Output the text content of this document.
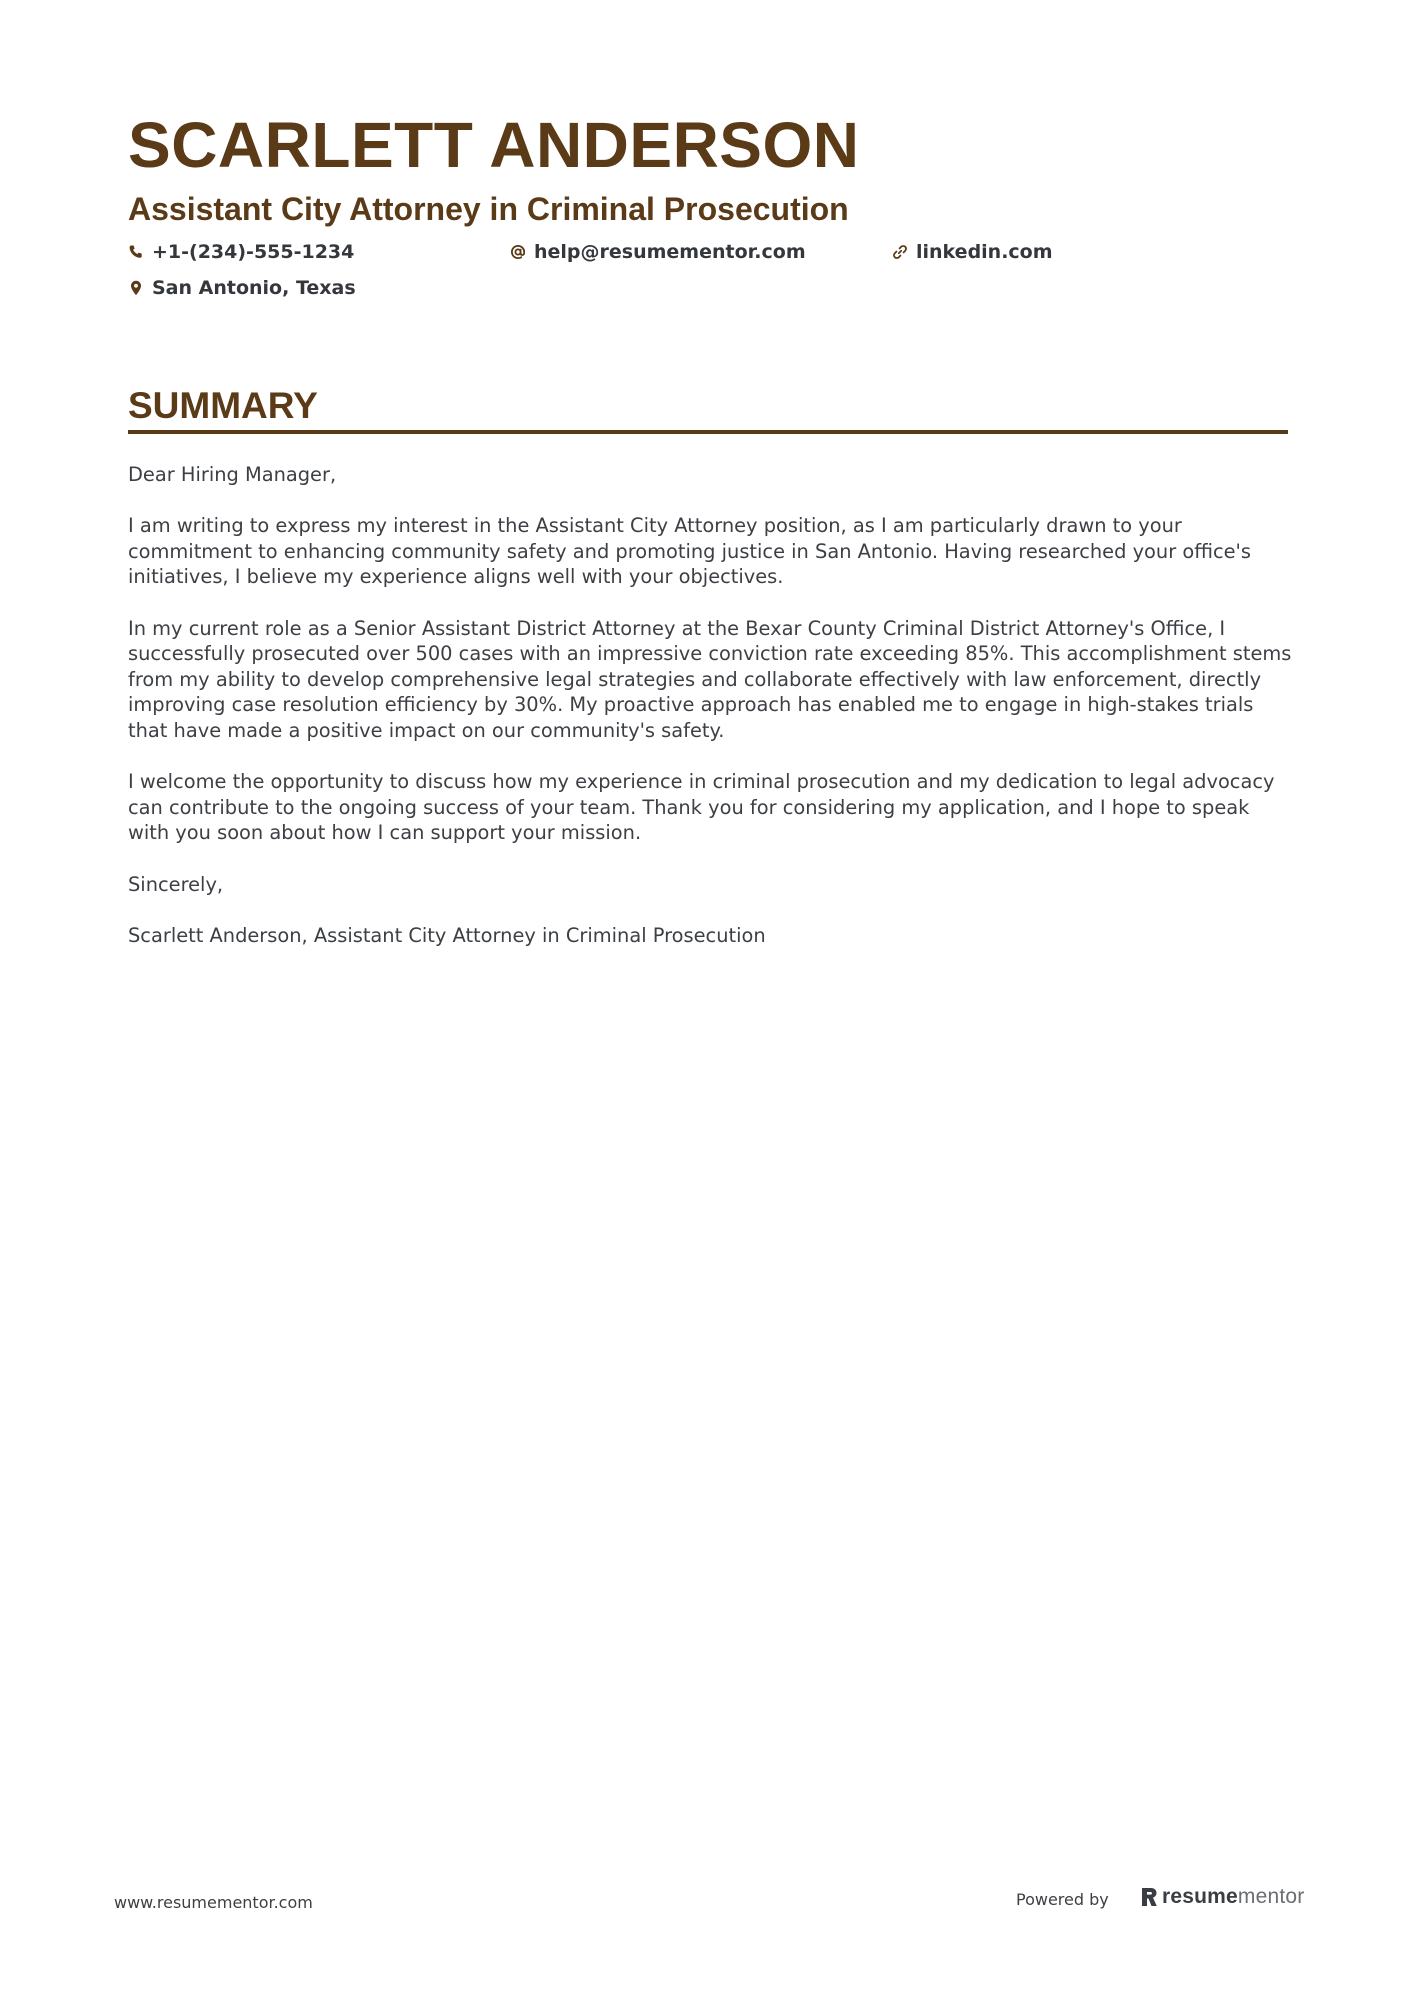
SCARLETT ANDERSON
Assistant City Attorney in Criminal Prosecution
+1-(234)-555-1234	help@resumementor.com	linkedin.com
San Antonio, Texas
SUMMARY

Dear Hiring Manager,

I am writing to express my interest in the Assistant City Attorney position, as I am particularly drawn to your commitment to enhancing community safety and promoting justice in San Antonio. Having researched your office's initiatives, I believe my experience aligns well with your objectives.

In my current role as a Senior Assistant District Attorney at the Bexar County Criminal District Attorney's Office, I successfully prosecuted over 500 cases with an impressive conviction rate exceeding 85%. This accomplishment stems from my ability to develop comprehensive legal strategies and collaborate effectively with law enforcement, directly improving case resolution efficiency by 30%. My proactive approach has enabled me to engage in high-stakes trials that have made a positive impact on our community's safety.

I welcome the opportunity to discuss how my experience in criminal prosecution and my dedication to legal advocacy can contribute to the ongoing success of your team. Thank you for considering my application, and I hope to speak with you soon about how I can support your mission.

Sincerely,

Scarlett Anderson, Assistant City Attorney in Criminal Prosecution

www.resumementor.com	Powered by	resumementor
